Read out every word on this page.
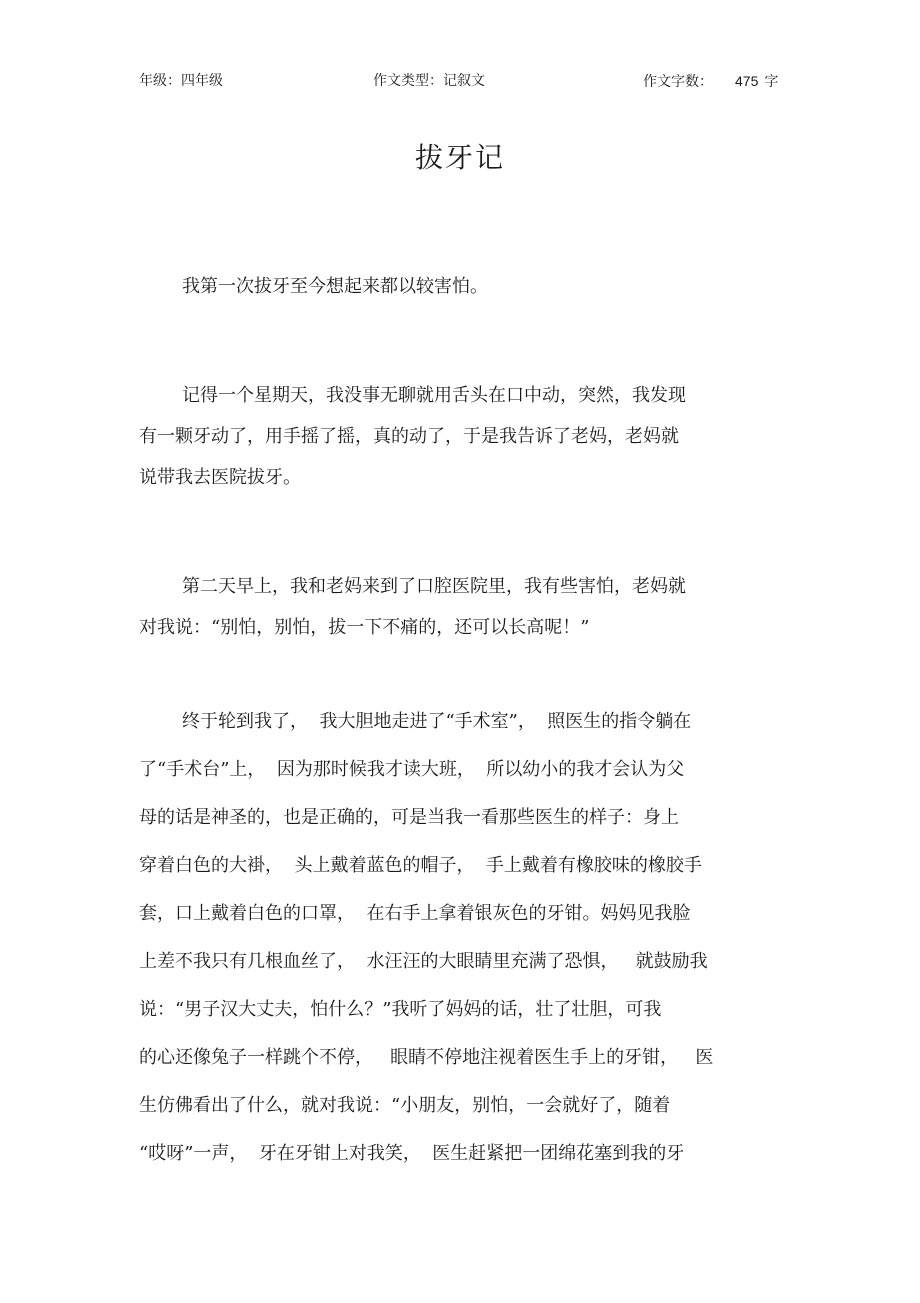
年级：四年级	作文类型：记叙文	作文字数： 475 字
拔牙记
我第一次拔牙至今想起来都以较害怕。
记得一个星期天，我没事无聊就用舌头在口中动，突然，我发现
有一颗牙动了，用手摇了摇，真的动了，于是我告诉了老妈，老妈就
说带我去医院拔牙。
第二天早上，我和老妈来到了口腔医院里，我有些害怕，老妈就
对我说：“别怕，别怕，拔一下不痛的，还可以长高呢！”
终于轮到我了，  我大胆地走进了“手术室”，  照医生的指令躺在
了“手术台”上，  因为那时候我才读大班，  所以幼小的我才会认为父
母的话是神圣的，也是正确的，可是当我一看那些医生的样子：身上
穿着白色的大褂，  头上戴着蓝色的帽子，  手上戴着有橡胶味的橡胶手
套，口上戴着白色的口罩，  在右手上拿着银灰色的牙钳。妈妈见我脸
上差不我只有几根血丝了，  水汪汪的大眼睛里充满了恐惧，   就鼓励我
说：“男子汉大丈夫，怕什么？”我听了妈妈的话，壮了壮胆，可我
的心还像兔子一样跳个不停，   眼睛不停地注视着医生手上的牙钳，   医
生仿佛看出了什么，就对我说：“小朋友，别怕，一会就好了，随着
“哎呀”一声，  牙在牙钳上对我笑，  医生赶紧把一团绵花塞到我的牙
